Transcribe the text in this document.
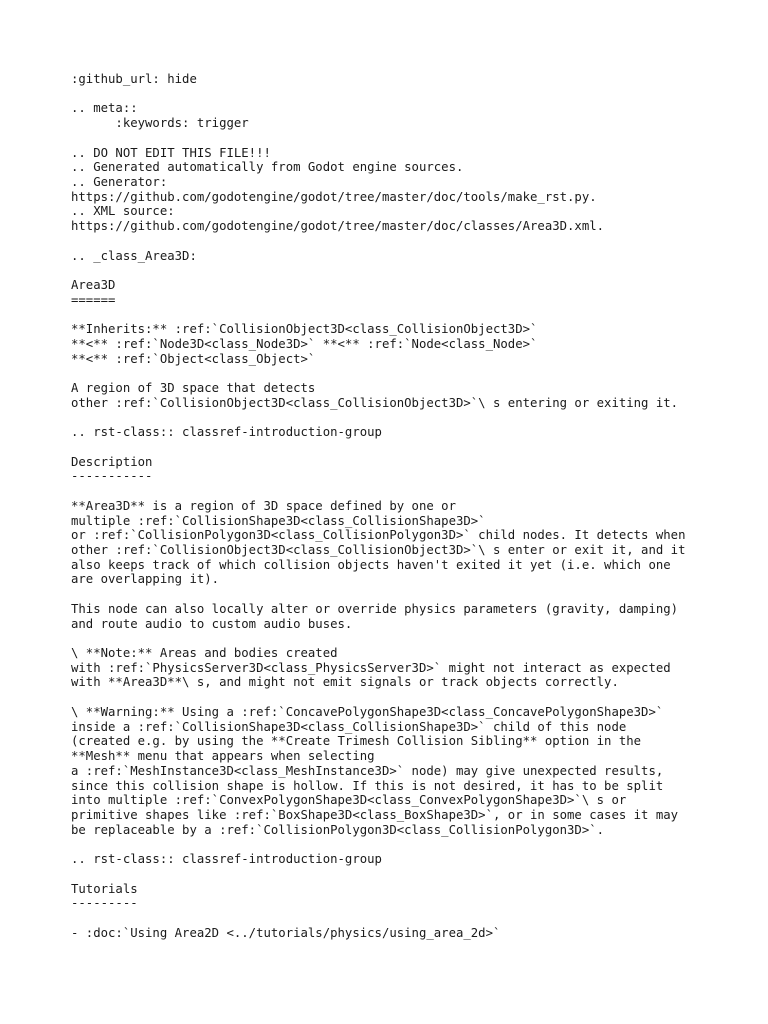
:github_url: hide
.. meta::
:keywords: trigger
.. DO NOT EDIT THIS FILE!!!
.. Generated automatically from Godot engine sources.
.. Generator:
https://github.com/godotengine/godot/tree/master/doc/tools/make_rst.py.
.. XML source:
https://github.com/godotengine/godot/tree/master/doc/classes/Area3D.xml.
.. _class_Area3D:
Area3D
======
**Inherits:** :ref:`CollisionObject3D<class_CollisionObject3D>`
**<** :ref:`Node3D<class_Node3D>` **<** :ref:`Node<class_Node>`
**<** :ref:`Object<class_Object>`
A region of 3D space that detects
other :ref:`CollisionObject3D<class_CollisionObject3D>`\ s entering or exiting it.
.. rst-class:: classref-introduction-group
Description
-----------
**Area3D** is a region of 3D space defined by one or
multiple :ref:`CollisionShape3D<class_CollisionShape3D>`
or :ref:`CollisionPolygon3D<class_CollisionPolygon3D>` child nodes. It detects when
other :ref:`CollisionObject3D<class_CollisionObject3D>`\ s enter or exit it, and it
also keeps track of which collision objects haven't exited it yet (i.e. which one
are overlapping it).
This node can also locally alter or override physics parameters (gravity, damping)
and route audio to custom audio buses.
\ **Note:** Areas and bodies created
with :ref:`PhysicsServer3D<class_PhysicsServer3D>` might not interact as expected
with **Area3D**\ s, and might not emit signals or track objects correctly.
\ **Warning:** Using a :ref:`ConcavePolygonShape3D<class_ConcavePolygonShape3D>`
inside a :ref:`CollisionShape3D<class_CollisionShape3D>` child of this node
(created e.g. by using the **Create Trimesh Collision Sibling** option in the
**Mesh** menu that appears when selecting
a :ref:`MeshInstance3D<class_MeshInstance3D>` node) may give unexpected results,
since this collision shape is hollow. If this is not desired, it has to be split
into multiple :ref:`ConvexPolygonShape3D<class_ConvexPolygonShape3D>`\ s or
primitive shapes like :ref:`BoxShape3D<class_BoxShape3D>`, or in some cases it may
be replaceable by a :ref:`CollisionPolygon3D<class_CollisionPolygon3D>`.
.. rst-class:: classref-introduction-group
Tutorials
---------
- :doc:`Using Area2D <../tutorials/physics/using_area_2d>`
